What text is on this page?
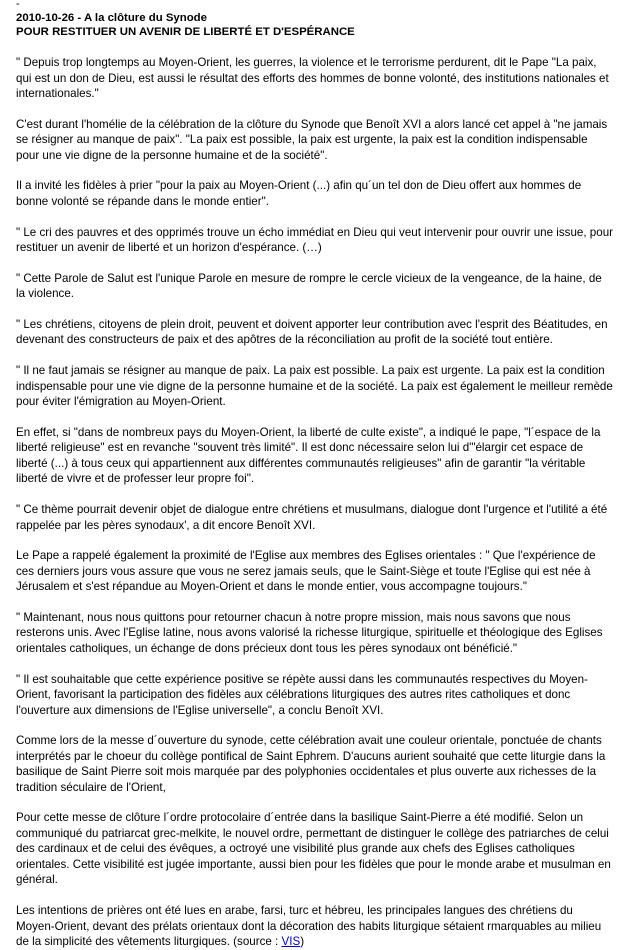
-
2010-10-26 - A la clôture du Synode
POUR RESTITUER UN AVENIR DE LIBERTÉ ET D'ESPÉRANCE

" Depuis trop longtemps au Moyen-Orient, les guerres, la violence et le terrorisme perdurent, dit le Pape "La paix, qui est un don de Dieu, est aussi le résultat des efforts des hommes de bonne volonté, des institutions nationales et internationales."

C'est durant l'homélie de la célébration de la clôture du Synode que Benoît XVI a alors lancé cet appel à "ne jamais se résigner au manque de paix". "La paix est possible, la paix est urgente, la paix est la condition indispensable pour une vie digne de la personne humaine et de la société".

Il a invité les fidèles à prier "pour la paix au Moyen-Orient (...) afin qu´un tel don de Dieu offert aux hommes de bonne volonté se répande dans le monde entier".

" Le cri des pauvres et des opprimés trouve un écho immédiat en Dieu qui veut intervenir pour ouvrir une issue, pour restituer un avenir de liberté et un horizon d'espérance. (…)

" Cette Parole de Salut est l'unique Parole en mesure de rompre le cercle vicieux de la vengeance, de la haine, de la violence.

" Les chrétiens, citoyens de plein droit, peuvent et doivent apporter leur contribution avec l'esprit des Béatitudes, en devenant des constructeurs de paix et des apôtres de la réconciliation au profit de la société tout entière.

" Il ne faut jamais se résigner au manque de paix. La paix est possible. La paix est urgente. La paix est la condition indispensable pour une vie digne de la personne humaine et de la société. La paix est également le meilleur remède pour éviter l'émigration au Moyen-Orient.

En effet, si "dans de nombreux pays du Moyen-Orient, la liberté de culte existe", a indiqué le pape, "l´espace de la liberté religieuse" est en revanche "souvent très limité". Il est donc nécessaire selon lui d'"élargir cet espace de liberté (...) à tous ceux qui appartiennent aux différentes communautés religieuses" afin de garantir "la véritable liberté de vivre et de professer leur propre foi".

" Ce thème pourrait devenir objet de dialogue entre chrétiens et musulmans, dialogue dont l'urgence et l'utilité a été rappelée par les pères synodaux', a dit encore Benoît XVI.

Le Pape a rappelé également la proximité de l'Eglise aux membres des Eglises orientales : " Que l'expérience de ces derniers jours vous assure que vous ne serez jamais seuls, que le Saint-Siège et toute l'Eglise qui est née à Jérusalem et s'est répandue au Moyen-Orient et dans le monde entier, vous accompagne toujours."

" Maintenant, nous nous quittons pour retourner chacun à notre propre mission, mais nous savons que nous resterons unis. Avec l'Eglise latine, nous avons valorisé la richesse liturgique, spirituelle et théologique des Eglises orientales catholiques, un échange de dons précieux dont tous les pères synodaux ont bénéficié."

" Il est souhaitable que cette expérience positive se répète aussi dans les communautés respectives du Moyen-Orient, favorisant la participation des fidèles aux célébrations liturgiques des autres rites catholiques et donc l'ouverture aux dimensions de l'Eglise universelle", a conclu Benoît XVI.

Comme lors de la messe d´ouverture du synode, cette célébration avait une couleur orientale, ponctuée de chants interprétés par le choeur du collège pontifical de Saint Ephrem. D'aucuns aurient souhaité que cette liturgie dans la basilique de Saint Pierre soit mois marquée par des polyphonies occidentales et plus ouverte aux richesses de la tradition séculaire de l'Orient,

Pour cette messe de clôture l´ordre protocolaire d´entrée dans la basilique Saint-Pierre a été modifié. Selon un communiqué du patriarcat grec-melkite, le nouvel ordre, permettant de distinguer le collège des patriarches de celui des cardinaux et de celui des évêques, a octroyé une visibilité plus grande aux chefs des Eglises catholiques orientales. Cette visibilité est jugée importante, aussi bien pour les fidèles que pour le monde arabe et musulman en général.

Les intentions de prières ont été lues en arabe, farsi, turc et hébreu, les principales langues des chrétiens du Moyen-Orient, devant des prélats orientaux dont la décoration des habits liturgique sétaient rmarquables au milieu de la simplicité des vêtements liturgiques. (source : VIS)
